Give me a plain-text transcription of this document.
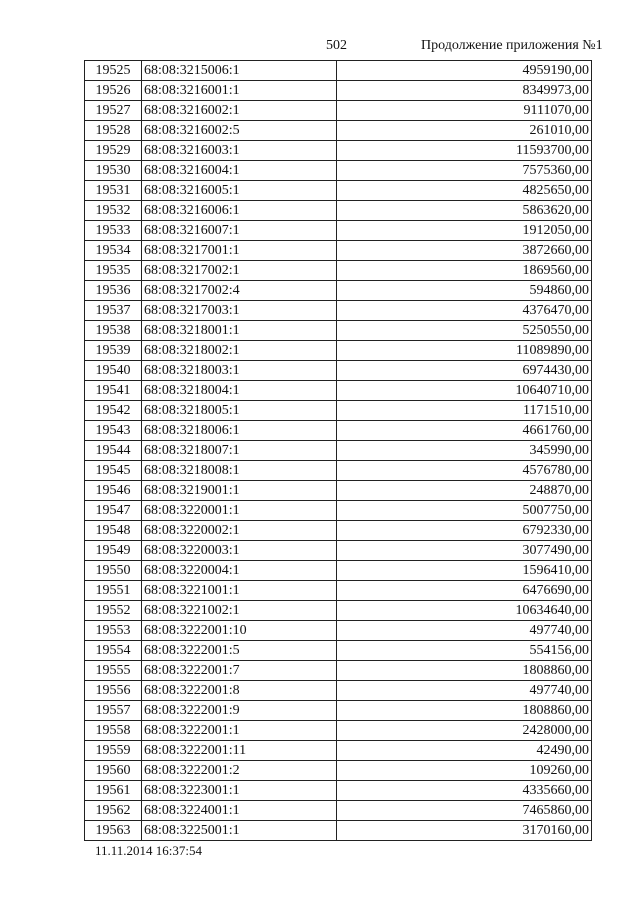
502	Продолжение приложения №1
19525	68:08:3215006:1	4959190,00
19526	68:08:3216001:1	8349973,00
19527	68:08:3216002:1	9111070,00
19528	68:08:3216002:5	261010,00
19529	68:08:3216003:1	11593700,00
19530	68:08:3216004:1	7575360,00
19531	68:08:3216005:1	4825650,00
19532	68:08:3216006:1	5863620,00
19533	68:08:3216007:1	1912050,00
19534	68:08:3217001:1	3872660,00
19535	68:08:3217002:1	1869560,00
19536	68:08:3217002:4	594860,00
19537	68:08:3217003:1	4376470,00
19538	68:08:3218001:1	5250550,00
19539	68:08:3218002:1	11089890,00
19540	68:08:3218003:1	6974430,00
19541	68:08:3218004:1	10640710,00
19542	68:08:3218005:1	1171510,00
19543	68:08:3218006:1	4661760,00
19544	68:08:3218007:1	345990,00
19545	68:08:3218008:1	4576780,00
19546	68:08:3219001:1	248870,00
19547	68:08:3220001:1	5007750,00
19548	68:08:3220002:1	6792330,00
19549	68:08:3220003:1	3077490,00
19550	68:08:3220004:1	1596410,00
19551	68:08:3221001:1	6476690,00
19552	68:08:3221002:1	10634640,00
19553	68:08:3222001:10	497740,00
19554	68:08:3222001:5	554156,00
19555	68:08:3222001:7	1808860,00
19556	68:08:3222001:8	497740,00
19557	68:08:3222001:9	1808860,00
19558	68:08:3222001:1	2428000,00
19559	68:08:3222001:11	42490,00
19560	68:08:3222001:2	109260,00
19561	68:08:3223001:1	4335660,00
19562	68:08:3224001:1	7465860,00
19563	68:08:3225001:1	3170160,00
11.11.2014 16:37:54
